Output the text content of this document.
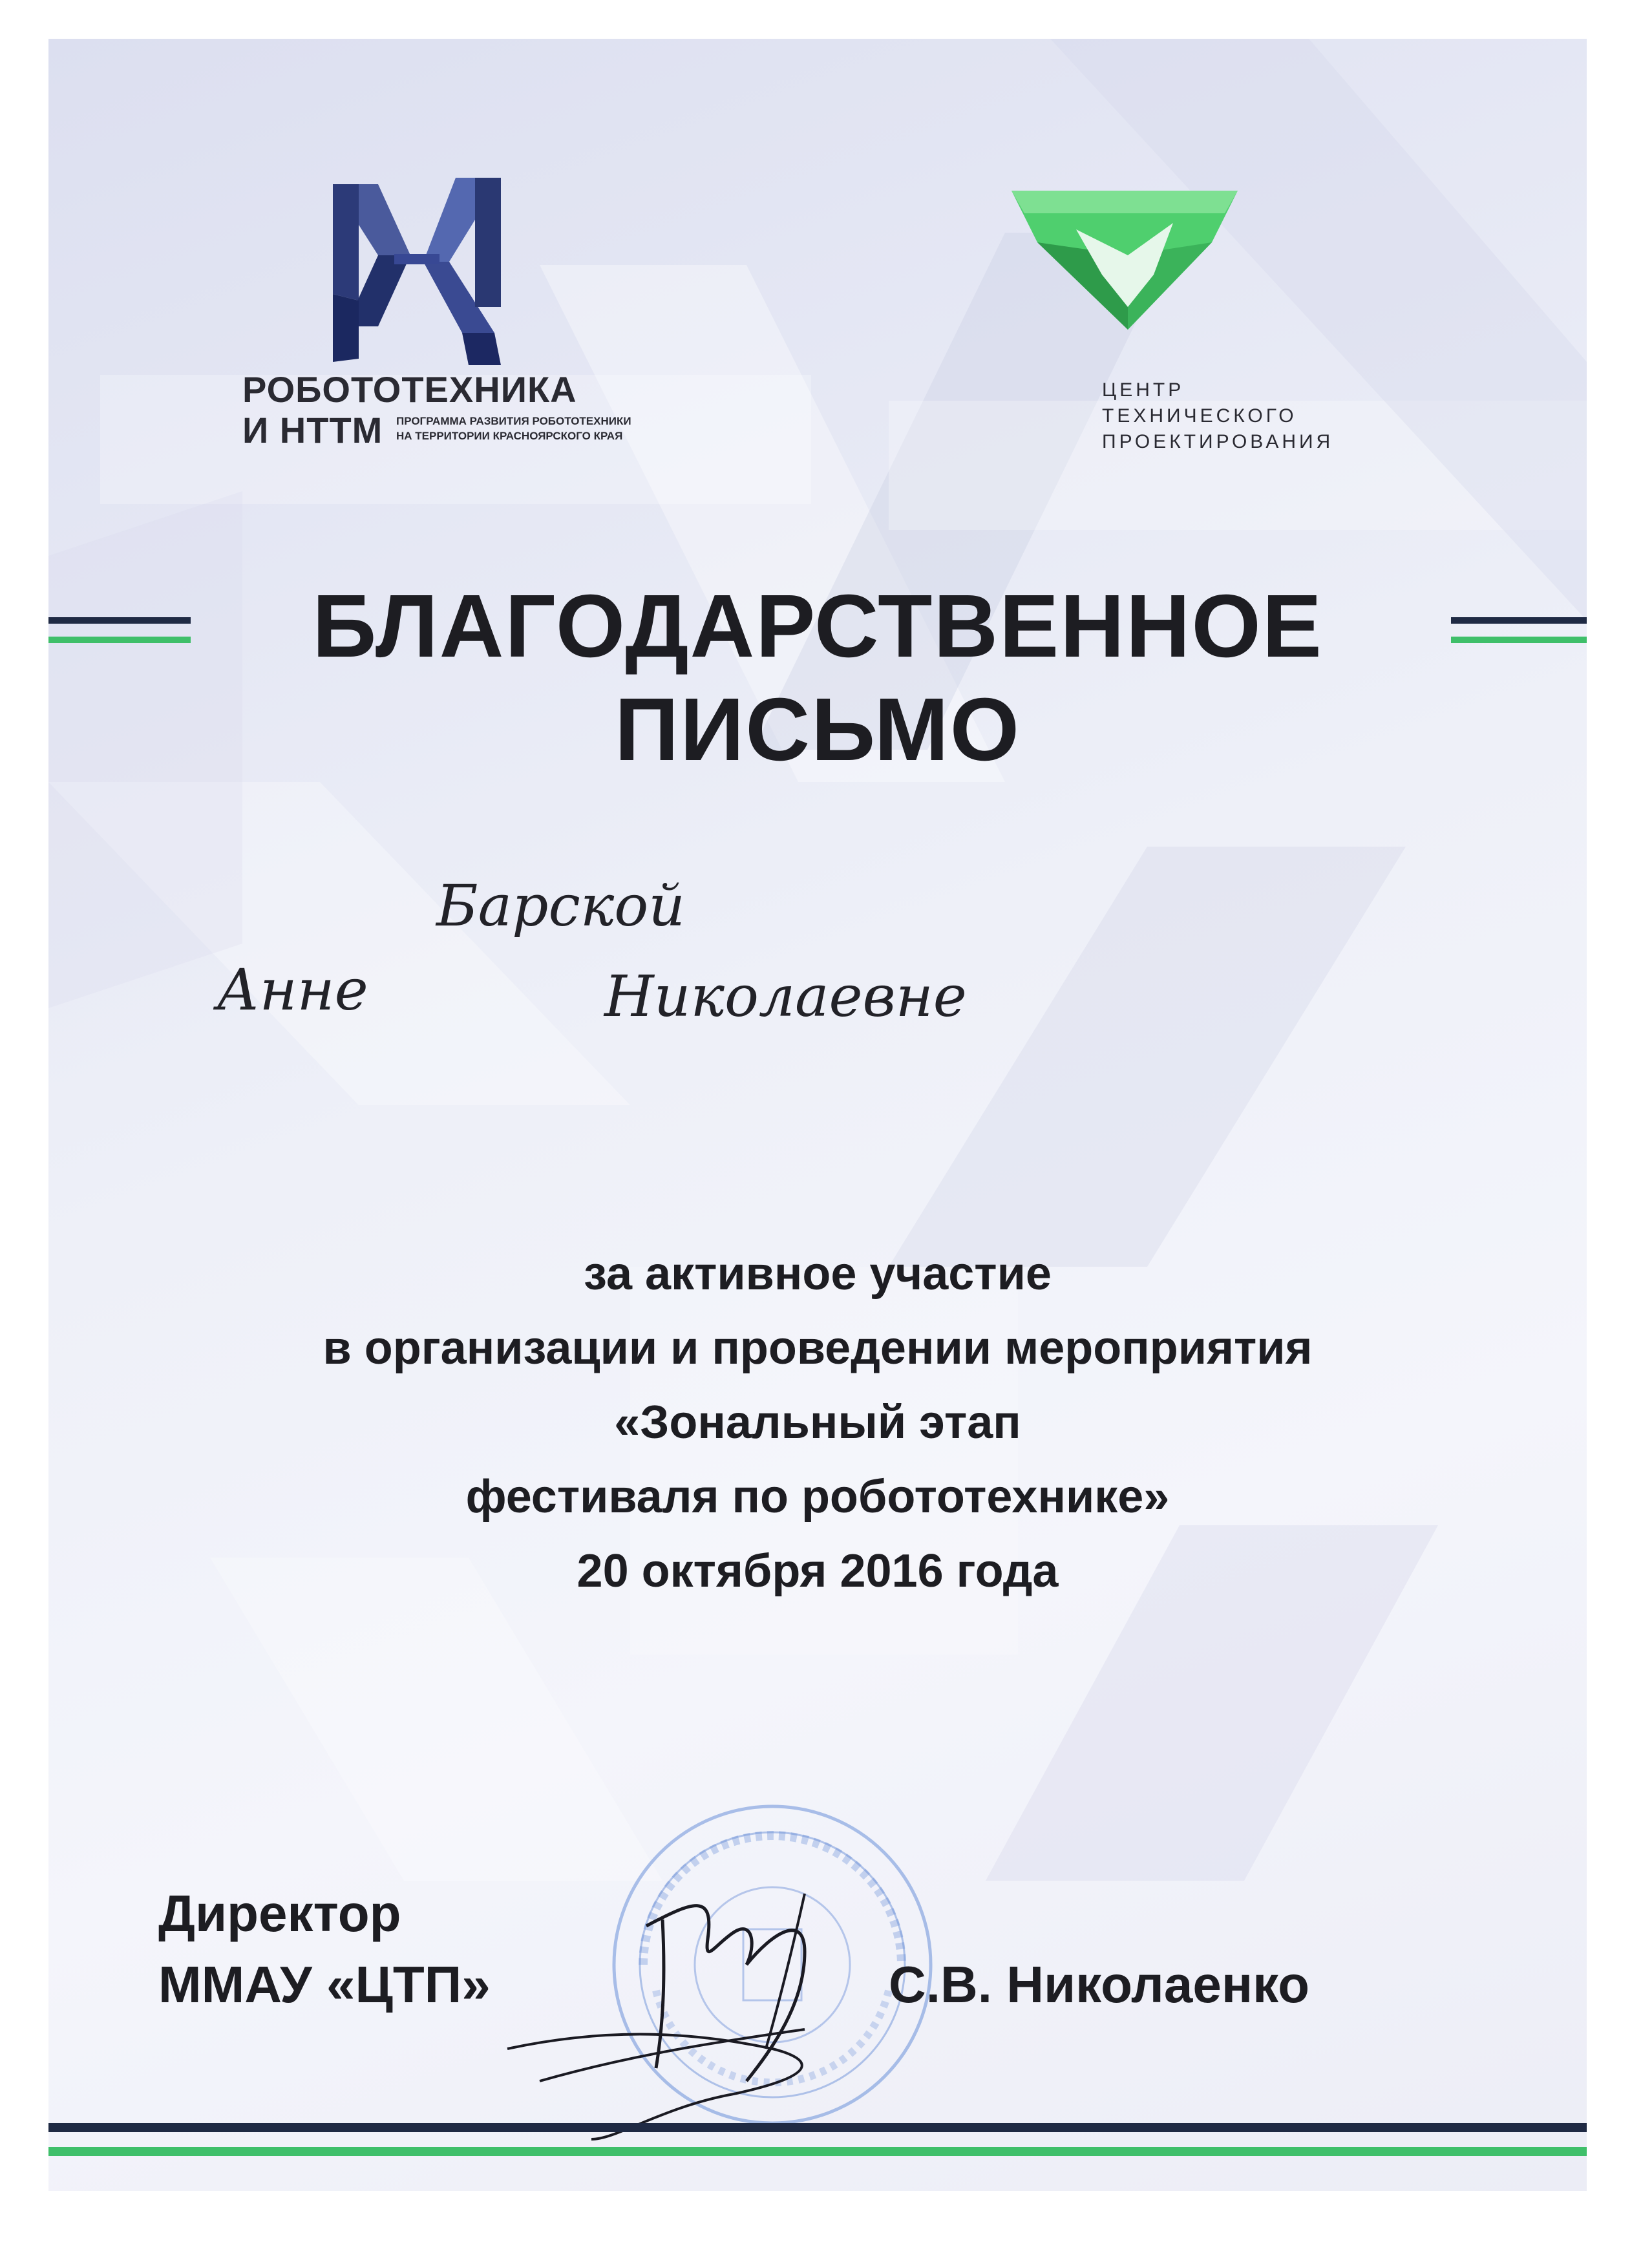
РОБОТОТЕХНИКА
И НТТМ ПРОГРАММА РАЗВИТИЯ РОБОТОТЕХНИКИ
НА ТЕРРИТОРИИ КРАСНОЯРСКОГО КРАЯ
ЦЕНТР
ТЕХНИЧЕСКОГО
ПРОЕКТИРОВАНИЯ
БЛАГОДАРСТВЕННОЕ
ПИСЬМО
Барской
Анне	Николаевне
за активное участие
в организации и проведении мероприятия
«Зональный этап
фестиваля по робототехнике»
20 октября 2016 года
Директор
ММАУ «ЦТП»	С.В. Николаенко
